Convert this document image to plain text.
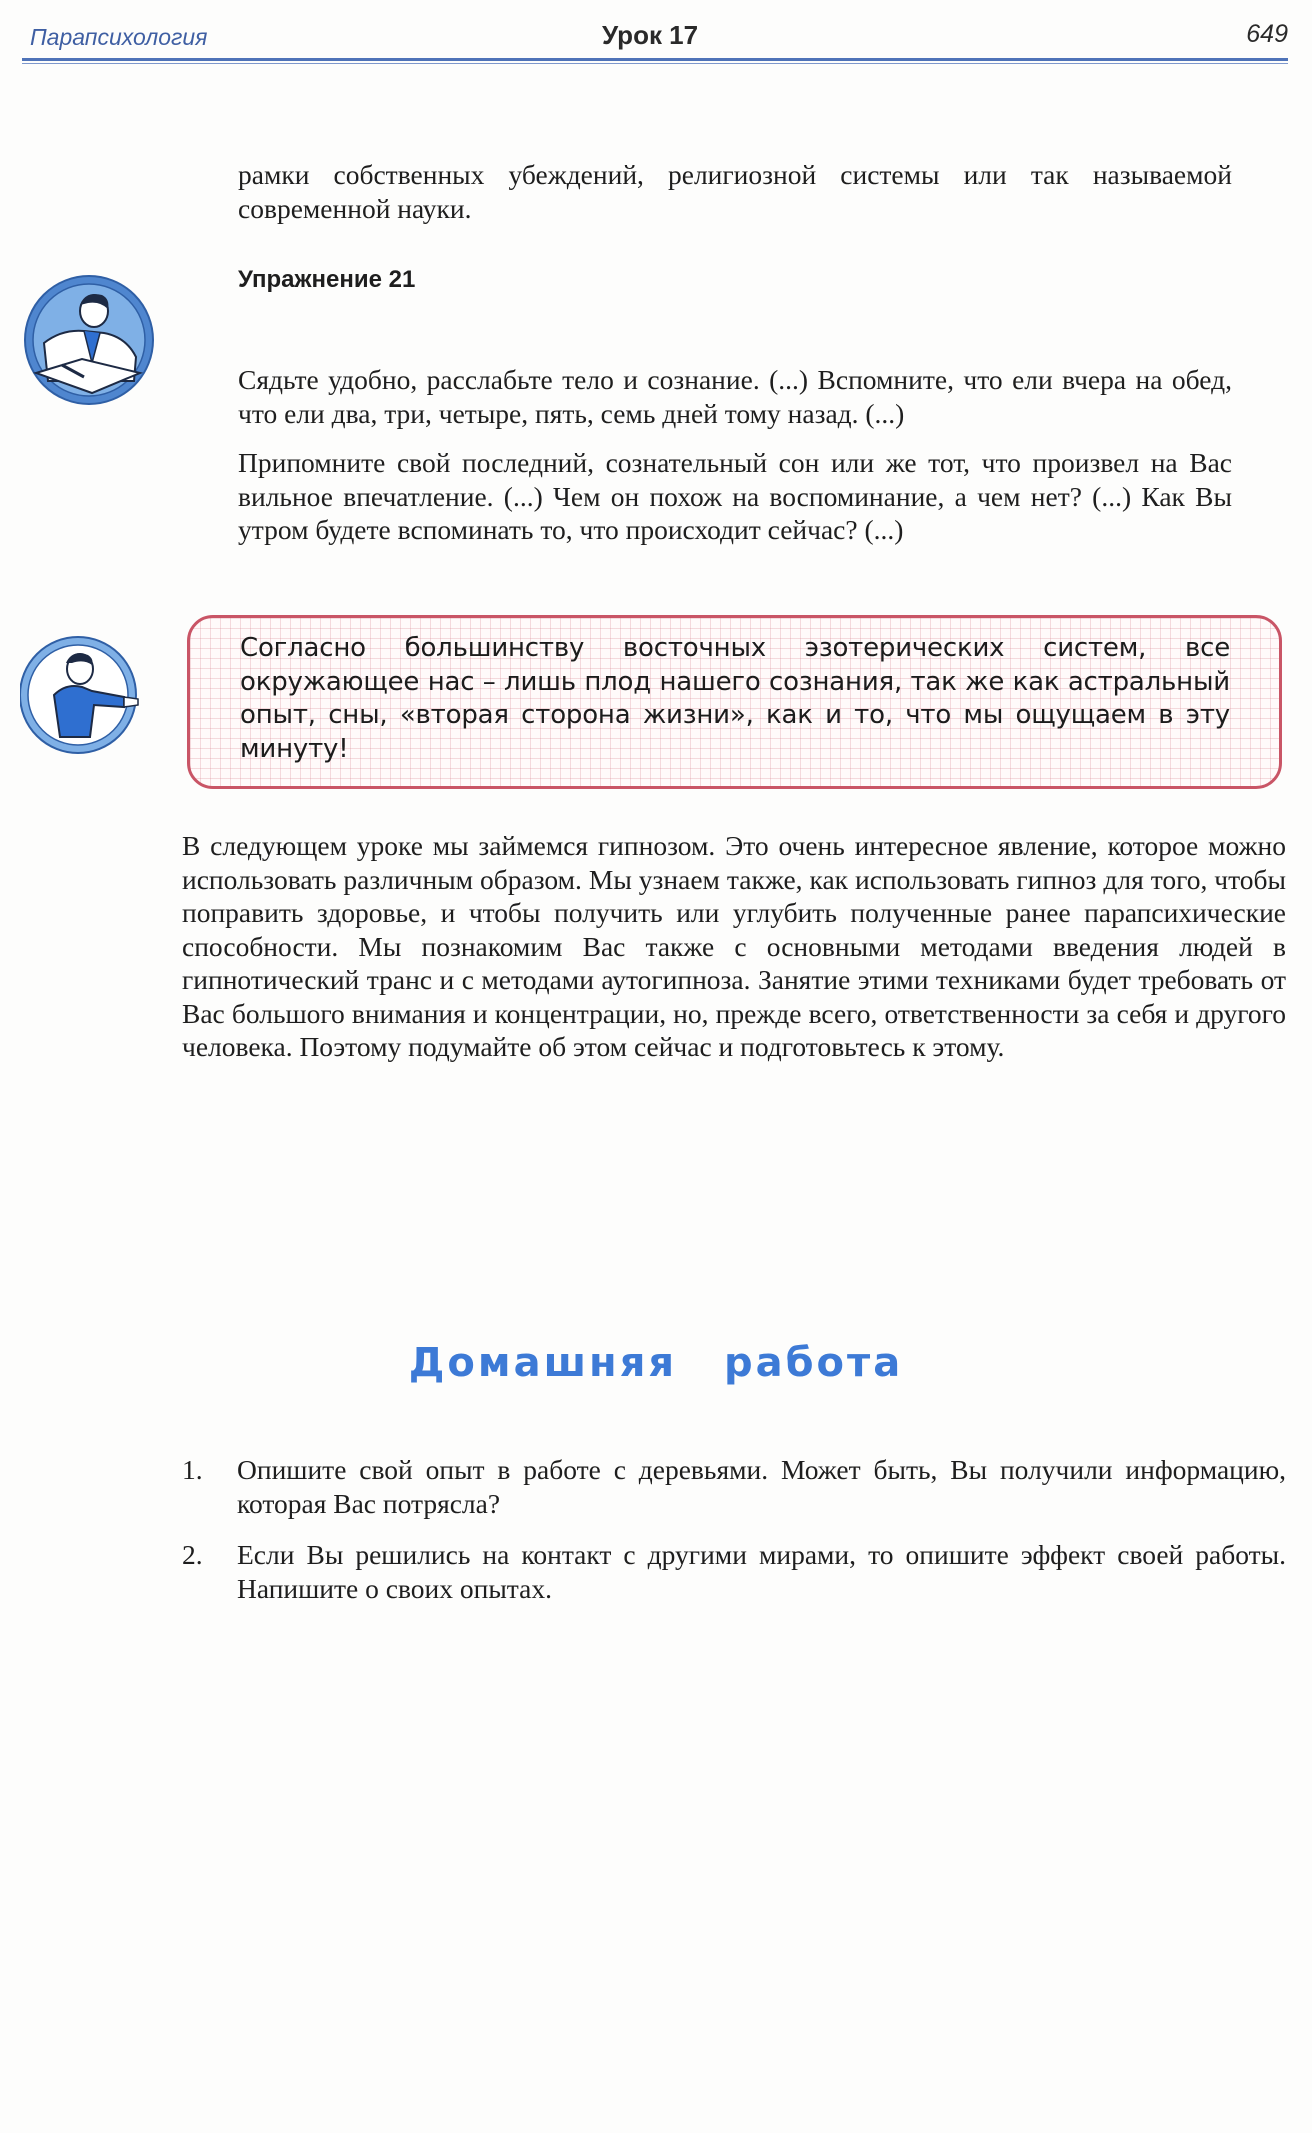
Парапсихология	Урок 17	649

рамки собственных убеждений, религиозной системы или так называемой современной науки.

Упражнение 21

Сядьте удобно, расслабьте тело и сознание. (...) Вспомните, что ели вчера на обед, что ели два, три, четыре, пять, семь дней тому назад. (...)

Припомните свой последний, сознательный сон или же тот, что произвел на Вас вильное впечатление. (...) Чем он похож на воспоминание, а чем нет? (...) Как Вы утром будете вспоминать то, что происходит сейчас? (...)

Согласно большинству восточных эзотерических систем, все окружающее нас – лишь плод нашего сознания, так же как астральный опыт, сны, «вторая сторона жизни», как и то, что мы ощущаем в эту минуту!

В следующем уроке мы займемся гипнозом. Это очень интересное явление, которое можно использовать различным образом. Мы узнаем также, как использовать гипноз для того, чтобы поправить здоровье, и чтобы получить или углубить полученные ранее парапсихические способности. Мы познакомим Вас также с основными методами введения людей в гипнотический транс и с методами аутогипноза. Занятие этими техниками будет требовать от Вас большого внимания и концентрации, но, прежде всего, ответственности за себя и другого человека. Поэтому подумайте об этом сейчас и подготовьтесь к этому.

Домашняя работа
1. Опишите свой опыт в работе с деревьями. Может быть, Вы получили информацию, которая Вас потрясла?
2. Если Вы решились на контакт с другими мирами, то опишите эффект своей работы. Напишите о своих опытах.
